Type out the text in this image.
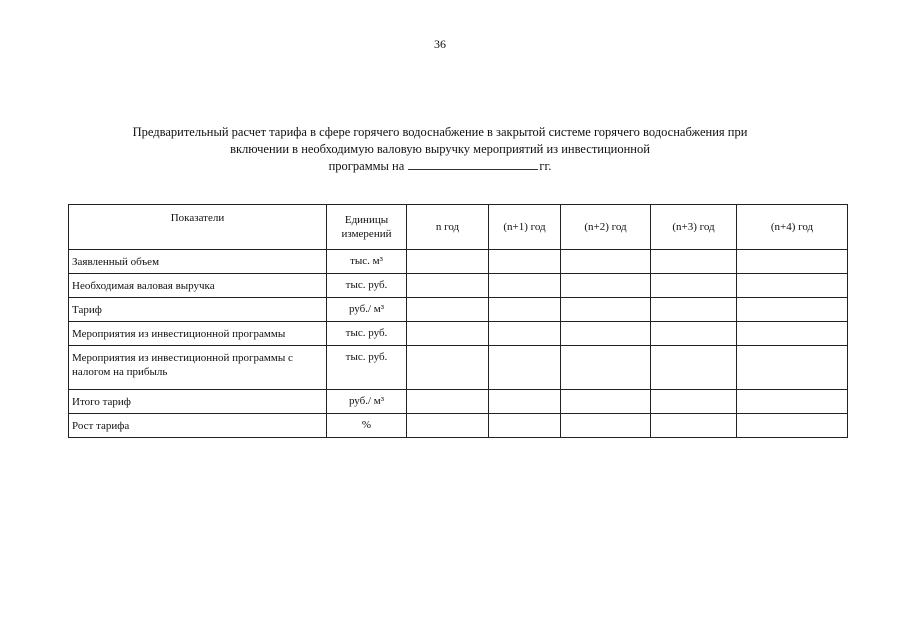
36
Предварительный расчет тарифа в сфере горячего водоснабжение в закрытой системе горячего водоснабжения при
включении в необходимую валовую выручку мероприятий из инвестиционной
программы на	гг.
Показатели	Единицы измерений	n год	(n+1) год	(n+2) год	(n+3) год	(n+4) год
Заявленный объем	тыс. м³					
Необходимая валовая выручка	тыс. руб.					
Тариф	руб./ м³					
Мероприятия из инвестиционной программы	тыс. руб.					
Мероприятия из инвестиционной программы с налогом на прибыль	тыс. руб.					
Итого тариф	руб./ м³					
Рост тарифа	%					
